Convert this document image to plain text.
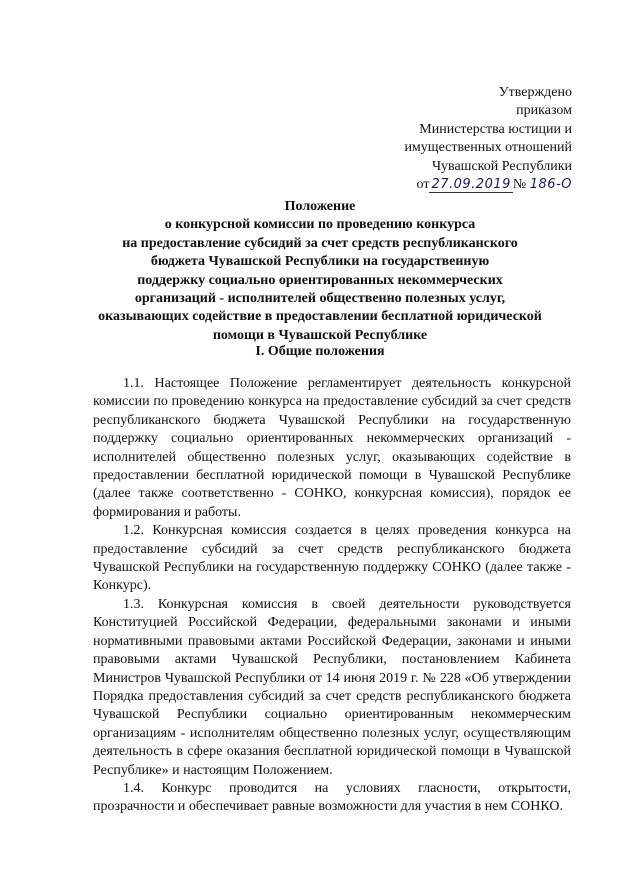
Утверждено
приказом
Министерства юстиции и
имущественных отношений
Чувашской Республики
от 27.09.2019 № 186-О
Положение
о конкурсной комиссии по проведению конкурса
на предоставление субсидий за счет средств республиканского
бюджета Чувашской Республики на государственную
поддержку социально ориентированных некоммерческих
организаций - исполнителей общественно полезных услуг,
оказывающих содействие в предоставлении бесплатной юридической
помощи в Чувашской Республике
I. Общие положения

1.1. Настоящее Положение регламентирует деятельность конкурсной комиссии по проведению конкурса на предоставление субсидий за счет средств республиканского бюджета Чувашской Республики на государственную поддержку социально ориентированных некоммерческих организаций - исполнителей общественно полезных услуг, оказывающих содействие в предоставлении бесплатной юридической помощи в Чувашской Республике (далее также соответственно - СОНКО, конкурсная комиссия), порядок ее формирования и работы.

1.2. Конкурсная комиссия создается в целях проведения конкурса на предоставление субсидий за счет средств республиканского бюджета Чувашской Республики на государственную поддержку СОНКО (далее также - Конкурс).

1.3. Конкурсная комиссия в своей деятельности руководствуется Конституцией Российской Федерации, федеральными законами и иными нормативными правовыми актами Российской Федерации, законами и иными правовыми актами Чувашской Республики, постановлением Кабинета Министров Чувашской Республики от 14 июня 2019 г. № 228 «Об утверждении Порядка предоставления субсидий за счет средств республиканского бюджета Чувашской Республики социально ориентированным некоммерческим организациям - исполнителям общественно полезных услуг, осуществляющим деятельность в сфере оказания бесплатной юридической помощи в Чувашской Республике» и настоящим Положением.

1.4. Конкурс проводится на условиях гласности, открытости, прозрачности и обеспечивает равные возможности для участия в нем СОНКО.
